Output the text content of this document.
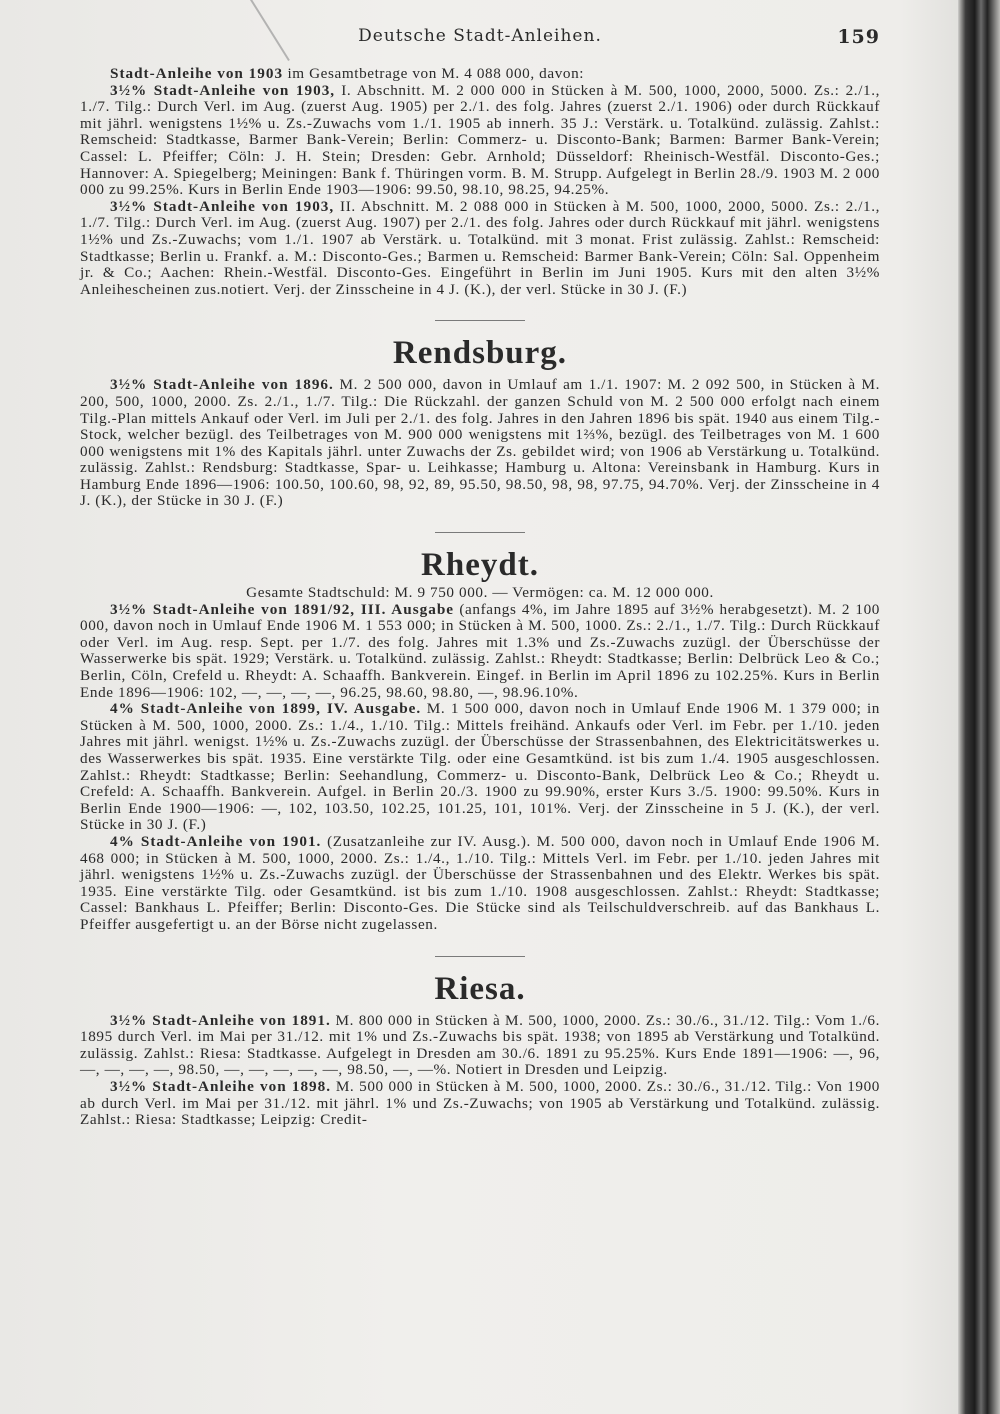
Deutsche Stadt-Anleihen.	159

Stadt-Anleihe von 1903 im Gesamtbetrage von M. 4 088 000, davon:

3½% Stadt-Anleihe von 1903, I. Abschnitt. M. 2 000 000 in Stücken à M. 500, 1000, 2000, 5000. Zs.: 2./1., 1./7. Tilg.: Durch Verl. im Aug. (zuerst Aug. 1905) per 2./1. des folg. Jahres (zuerst 2./1. 1906) oder durch Rückkauf mit jährl. wenigstens 1½% u. Zs.-Zuwachs vom 1./1. 1905 ab innerh. 35 J.: Verstärk. u. Totalkünd. zulässig. Zahlst.: Remscheid: Stadtkasse, Barmer Bank-Verein; Berlin: Commerz- u. Disconto-Bank; Barmen: Barmer Bank-Verein; Cassel: L. Pfeiffer; Cöln: J. H. Stein; Dresden: Gebr. Arnhold; Düsseldorf: Rheinisch-Westfäl. Disconto-Ges.; Hannover: A. Spiegelberg; Meiningen: Bank f. Thüringen vorm. B. M. Strupp. Aufgelegt in Berlin 28./9. 1903 M. 2 000 000 zu 99.25%. Kurs in Berlin Ende 1903—1906: 99.50, 98.10, 98.25, 94.25%.

3½% Stadt-Anleihe von 1903, II. Abschnitt. M. 2 088 000 in Stücken à M. 500, 1000, 2000, 5000. Zs.: 2./1., 1./7. Tilg.: Durch Verl. im Aug. (zuerst Aug. 1907) per 2./1. des folg. Jahres oder durch Rückkauf mit jährl. wenigstens 1½% und Zs.-Zuwachs; vom 1./1. 1907 ab Verstärk. u. Totalkünd. mit 3 monat. Frist zulässig. Zahlst.: Remscheid: Stadtkasse; Berlin u. Frankf. a. M.: Disconto-Ges.; Barmen u. Remscheid: Barmer Bank-Verein; Cöln: Sal. Oppenheim jr. & Co.; Aachen: Rhein.-Westfäl. Disconto-Ges. Eingeführt in Berlin im Juni 1905. Kurs mit den alten 3½% Anleihescheinen zus.notiert. Verj. der Zinsscheine in 4 J. (K.), der verl. Stücke in 30 J. (F.)

Rendsburg.

3½% Stadt-Anleihe von 1896. M. 2 500 000, davon in Umlauf am 1./1. 1907: M. 2 092 500, in Stücken à M. 200, 500, 1000, 2000. Zs. 2./1., 1./7. Tilg.: Die Rückzahl. der ganzen Schuld von M. 2 500 000 erfolgt nach einem Tilg.-Plan mittels Ankauf oder Verl. im Juli per 2./1. des folg. Jahres in den Jahren 1896 bis spät. 1940 aus einem Tilg.-Stock, welcher bezügl. des Teilbetrages von M. 900 000 wenigstens mit 1⅔%, bezügl. des Teilbetrages von M. 1 600 000 wenigstens mit 1% des Kapitals jährl. unter Zuwachs der Zs. gebildet wird; von 1906 ab Verstärkung u. Totalkünd. zulässig. Zahlst.: Rendsburg: Stadtkasse, Spar- u. Leihkasse; Hamburg u. Altona: Vereinsbank in Hamburg. Kurs in Hamburg Ende 1896—1906: 100.50, 100.60, 98, 92, 89, 95.50, 98.50, 98, 98, 97.75, 94.70%. Verj. der Zinsscheine in 4 J. (K.), der Stücke in 30 J. (F.)

Rheydt.
Gesamte Stadtschuld: M. 9 750 000. — Vermögen: ca. M. 12 000 000.

3½% Stadt-Anleihe von 1891/92, III. Ausgabe (anfangs 4%, im Jahre 1895 auf 3½% herabgesetzt). M. 2 100 000, davon noch in Umlauf Ende 1906 M. 1 553 000; in Stücken à M. 500, 1000. Zs.: 2./1., 1./7. Tilg.: Durch Rückkauf oder Verl. im Aug. resp. Sept. per 1./7. des folg. Jahres mit 1.3% und Zs.-Zuwachs zuzügl. der Überschüsse der Wasserwerke bis spät. 1929; Verstärk. u. Totalkünd. zulässig. Zahlst.: Rheydt: Stadtkasse; Berlin: Delbrück Leo & Co.; Berlin, Cöln, Crefeld u. Rheydt: A. Schaaffh. Bankverein. Eingef. in Berlin im April 1896 zu 102.25%. Kurs in Berlin Ende 1896—1906: 102, —, —, —, —, 96.25, 98.60, 98.80, —, 98.96.10%.

4% Stadt-Anleihe von 1899, IV. Ausgabe. M. 1 500 000, davon noch in Umlauf Ende 1906 M. 1 379 000; in Stücken à M. 500, 1000, 2000. Zs.: 1./4., 1./10. Tilg.: Mittels freihänd. Ankaufs oder Verl. im Febr. per 1./10. jeden Jahres mit jährl. wenigst. 1½% u. Zs.-Zuwachs zuzügl. der Überschüsse der Strassenbahnen, des Elektricitätswerkes u. des Wasserwerkes bis spät. 1935. Eine verstärkte Tilg. oder eine Gesamtkünd. ist bis zum 1./4. 1905 ausgeschlossen. Zahlst.: Rheydt: Stadtkasse; Berlin: Seehandlung, Commerz- u. Disconto-Bank, Delbrück Leo & Co.; Rheydt u. Crefeld: A. Schaaffh. Bankverein. Aufgel. in Berlin 20./3. 1900 zu 99.90%, erster Kurs 3./5. 1900: 99.50%. Kurs in Berlin Ende 1900—1906: —, 102, 103.50, 102.25, 101.25, 101, 101%. Verj. der Zinsscheine in 5 J. (K.), der verl. Stücke in 30 J. (F.)

4% Stadt-Anleihe von 1901. (Zusatzanleihe zur IV. Ausg.). M. 500 000, davon noch in Umlauf Ende 1906 M. 468 000; in Stücken à M. 500, 1000, 2000. Zs.: 1./4., 1./10. Tilg.: Mittels Verl. im Febr. per 1./10. jeden Jahres mit jährl. wenigstens 1½% u. Zs.-Zuwachs zuzügl. der Überschüsse der Strassenbahnen und des Elektr. Werkes bis spät. 1935. Eine verstärkte Tilg. oder Gesamtkünd. ist bis zum 1./10. 1908 ausgeschlossen. Zahlst.: Rheydt: Stadtkasse; Cassel: Bankhaus L. Pfeiffer; Berlin: Disconto-Ges. Die Stücke sind als Teilschuldverschreib. auf das Bankhaus L. Pfeiffer ausgefertigt u. an der Börse nicht zugelassen.

Riesa.

3½% Stadt-Anleihe von 1891. M. 800 000 in Stücken à M. 500, 1000, 2000. Zs.: 30./6., 31./12. Tilg.: Vom 1./6. 1895 durch Verl. im Mai per 31./12. mit 1% und Zs.-Zuwachs bis spät. 1938; von 1895 ab Verstärkung und Totalkünd. zulässig. Zahlst.: Riesa: Stadtkasse. Aufgelegt in Dresden am 30./6. 1891 zu 95.25%. Kurs Ende 1891—1906: —, 96, —, —, —, —, 98.50, —, —, —, —, —, 98.50, —, —%. Notiert in Dresden und Leipzig.

3½% Stadt-Anleihe von 1898. M. 500 000 in Stücken à M. 500, 1000, 2000. Zs.: 30./6., 31./12. Tilg.: Von 1900 ab durch Verl. im Mai per 31./12. mit jährl. 1% und Zs.-Zuwachs; von 1905 ab Verstärkung und Totalkünd. zulässig. Zahlst.: Riesa: Stadtkasse; Leipzig: Credit-
